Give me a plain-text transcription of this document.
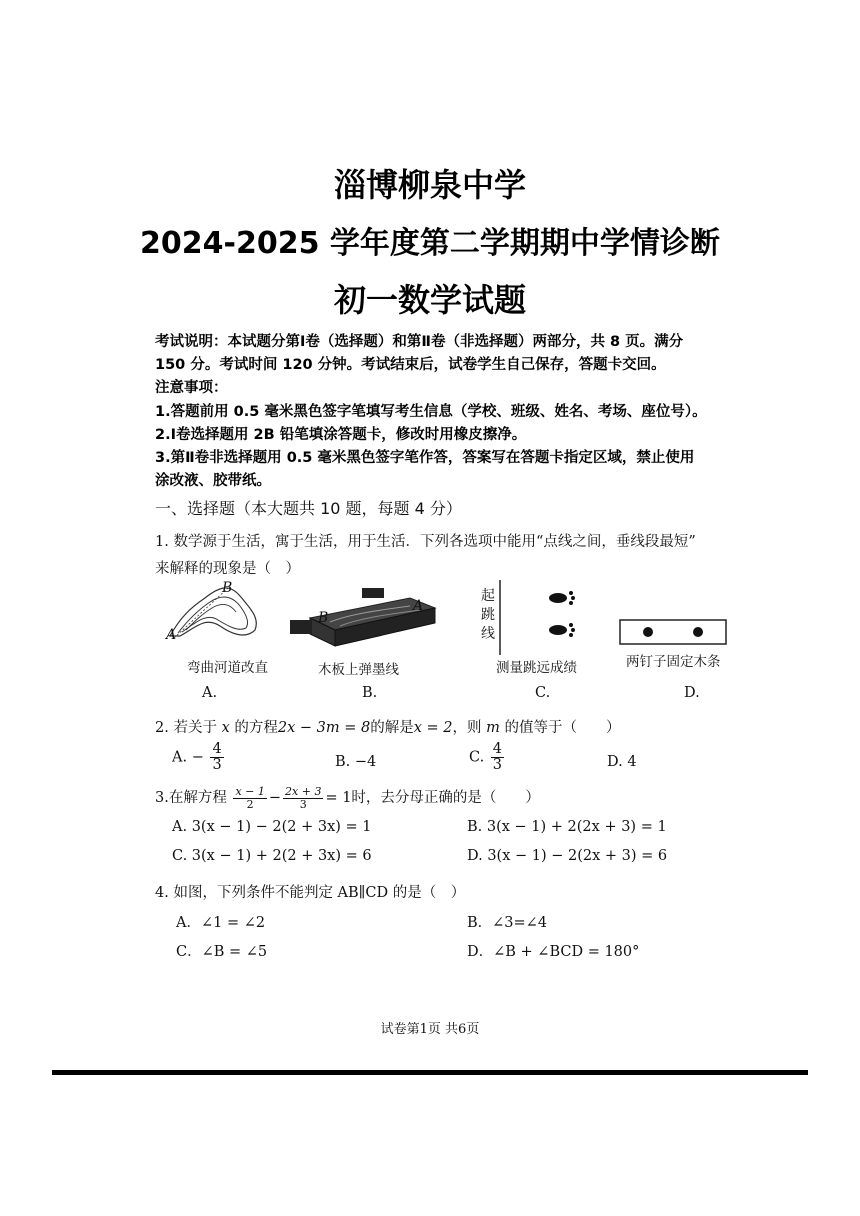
淄博柳泉中学
2024-2025 学年度第二学期期中学情诊断
初一数学试题
考试说明：本试题分第Ⅰ卷（选择题）和第Ⅱ卷（非选择题）两部分，共 8 页。满分
150 分。考试时间 120 分钟。考试结束后，试卷学生自己保存，答题卡交回。
注意事项：
1.答题前用 0.5 毫米黑色签字笔填写考生信息（学校、班级、姓名、考场、座位号）。
2.Ⅰ卷选择题用 2B 铅笔填涂答题卡，修改时用橡皮擦净。
3.第Ⅱ卷非选择题用 0.5 毫米黑色签字笔作答，答案写在答题卡指定区域，禁止使用
涂改液、胶带纸。
一、选择题（本大题共 10 题，每题 4 分）
1. 数学源于生活，寓于生活，用于生活．下列各选项中能用“点线之间，垂线段最短”
来解释的现象是（　）
A
B
B
A
起
跳
线
弯曲河道改直	木板上弹墨线	测量跳远成绩	两钉子固定木条
A.	B.	C.	D.
2. 若关于 x 的方程2x − 3m = 8的解是x = 2，则 m 的值等于（　　）
A. − $\frac{4}{3}$	B. −4	C. $\frac{4}{3}$	D. 4
3.在解方程 $\frac{x - 1}{2} - \frac{2x + 3}{3} = 1$时，去分母正确的是（　　）
A. 3(x − 1) − 2(2 + 3x) = 1	B. 3(x − 1) + 2(2x + 3) = 1
C. 3(x − 1) + 2(2 + 3x) = 6	D. 3(x − 1) − 2(2x + 3) = 6
4. 如图，下列条件不能判定 AB∥CD 的是（　）
A．∠1 = ∠2	B．∠3=∠4
C．∠B = ∠5	D．∠B + ∠BCD = 180°
试卷第1页 共6页
